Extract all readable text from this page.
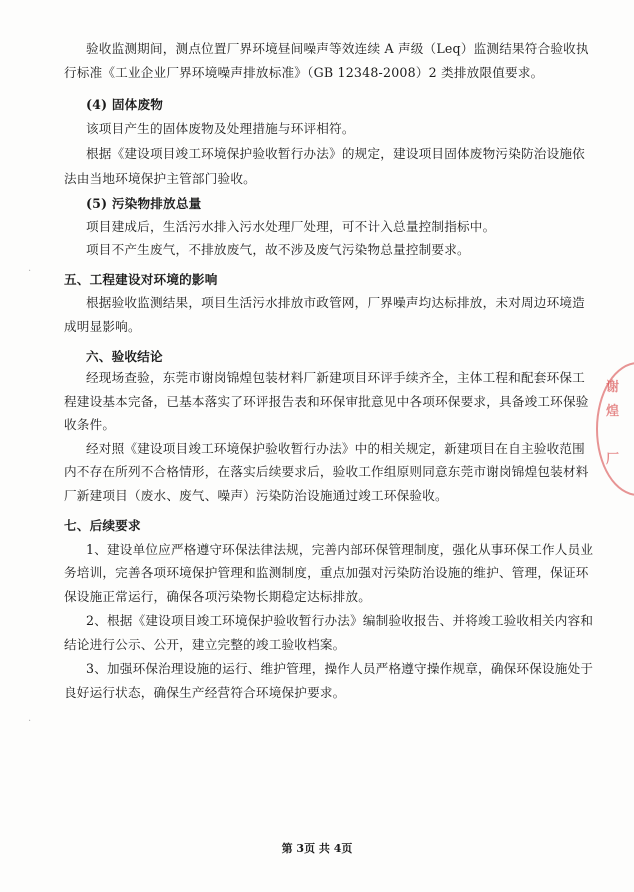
验收监测期间，测点位置厂界环境昼间噪声等效连续 A 声级（Leq）监测结果符合验收执
行标准《工业企业厂界环境噪声排放标准》（GB 12348-2008）2 类排放限值要求。
(4) 固体废物
该项目产生的固体废物及处理措施与环评相符。
根据《建设项目竣工环境保护验收暂行办法》的规定，建设项目固体废物污染防治设施依
法由当地环境保护主管部门验收。
(5) 污染物排放总量
项目建成后，生活污水排入污水处理厂处理，可不计入总量控制指标中。
项目不产生废气，不排放废气，故不涉及废气污染物总量控制要求。
五、工程建设对环境的影响
根据验收监测结果，项目生活污水排放市政管网，厂界噪声均达标排放，未对周边环境造
成明显影响。
六、验收结论
经现场查验，东莞市谢岗锦煌包装材料厂新建项目环评手续齐全，主体工程和配套环保工
程建设基本完备，已基本落实了环评报告表和环保审批意见中各项环保要求，具备竣工环保验
收条件。
经对照《建设项目竣工环境保护验收暂行办法》中的相关规定，新建项目在自主验收范围
内不存在所列不合格情形，在落实后续要求后，验收工作组原则同意东莞市谢岗锦煌包装材料
厂新建项目（废水、废气、噪声）污染防治设施通过竣工环保验收。
七、后续要求
1、建设单位应严格遵守环保法律法规，完善内部环保管理制度，强化从事环保工作人员业
务培训，完善各项环境保护管理和监测制度，重点加强对污染防治设施的维护、管理，保证环
保设施正常运行，确保各项污染物长期稳定达标排放。
2、根据《建设项目竣工环境保护验收暂行办法》编制验收报告、并将竣工验收相关内容和
结论进行公示、公开，建立完整的竣工验收档案。
3、加强环保治理设施的运行、维护管理，操作人员严格遵守操作规章，确保环保设施处于
良好运行状态，确保生产经营符合环境保护要求。
第 3页 共 4页
谢
煌
厂
·
·
